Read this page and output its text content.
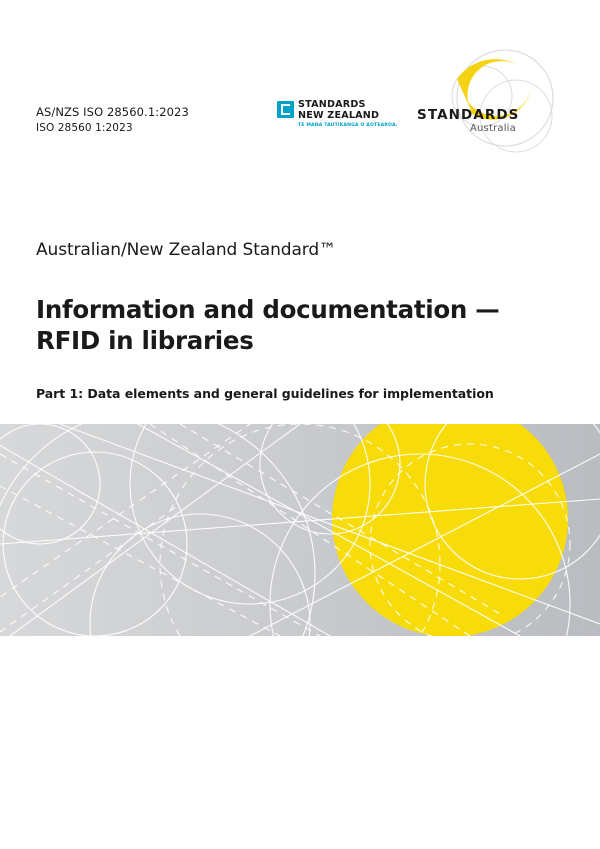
AS/NZS ISO 28560.1:2023
ISO 28560 1:2023
STANDARDS
NEW ZEALAND
TE MANA TAUTIKANGA O AOTEAROA.
STANDARDS
Australia
Australian/New Zealand Standard™
Information and documentation — RFID in libraries
Part 1: Data elements and general guidelines for implementation
